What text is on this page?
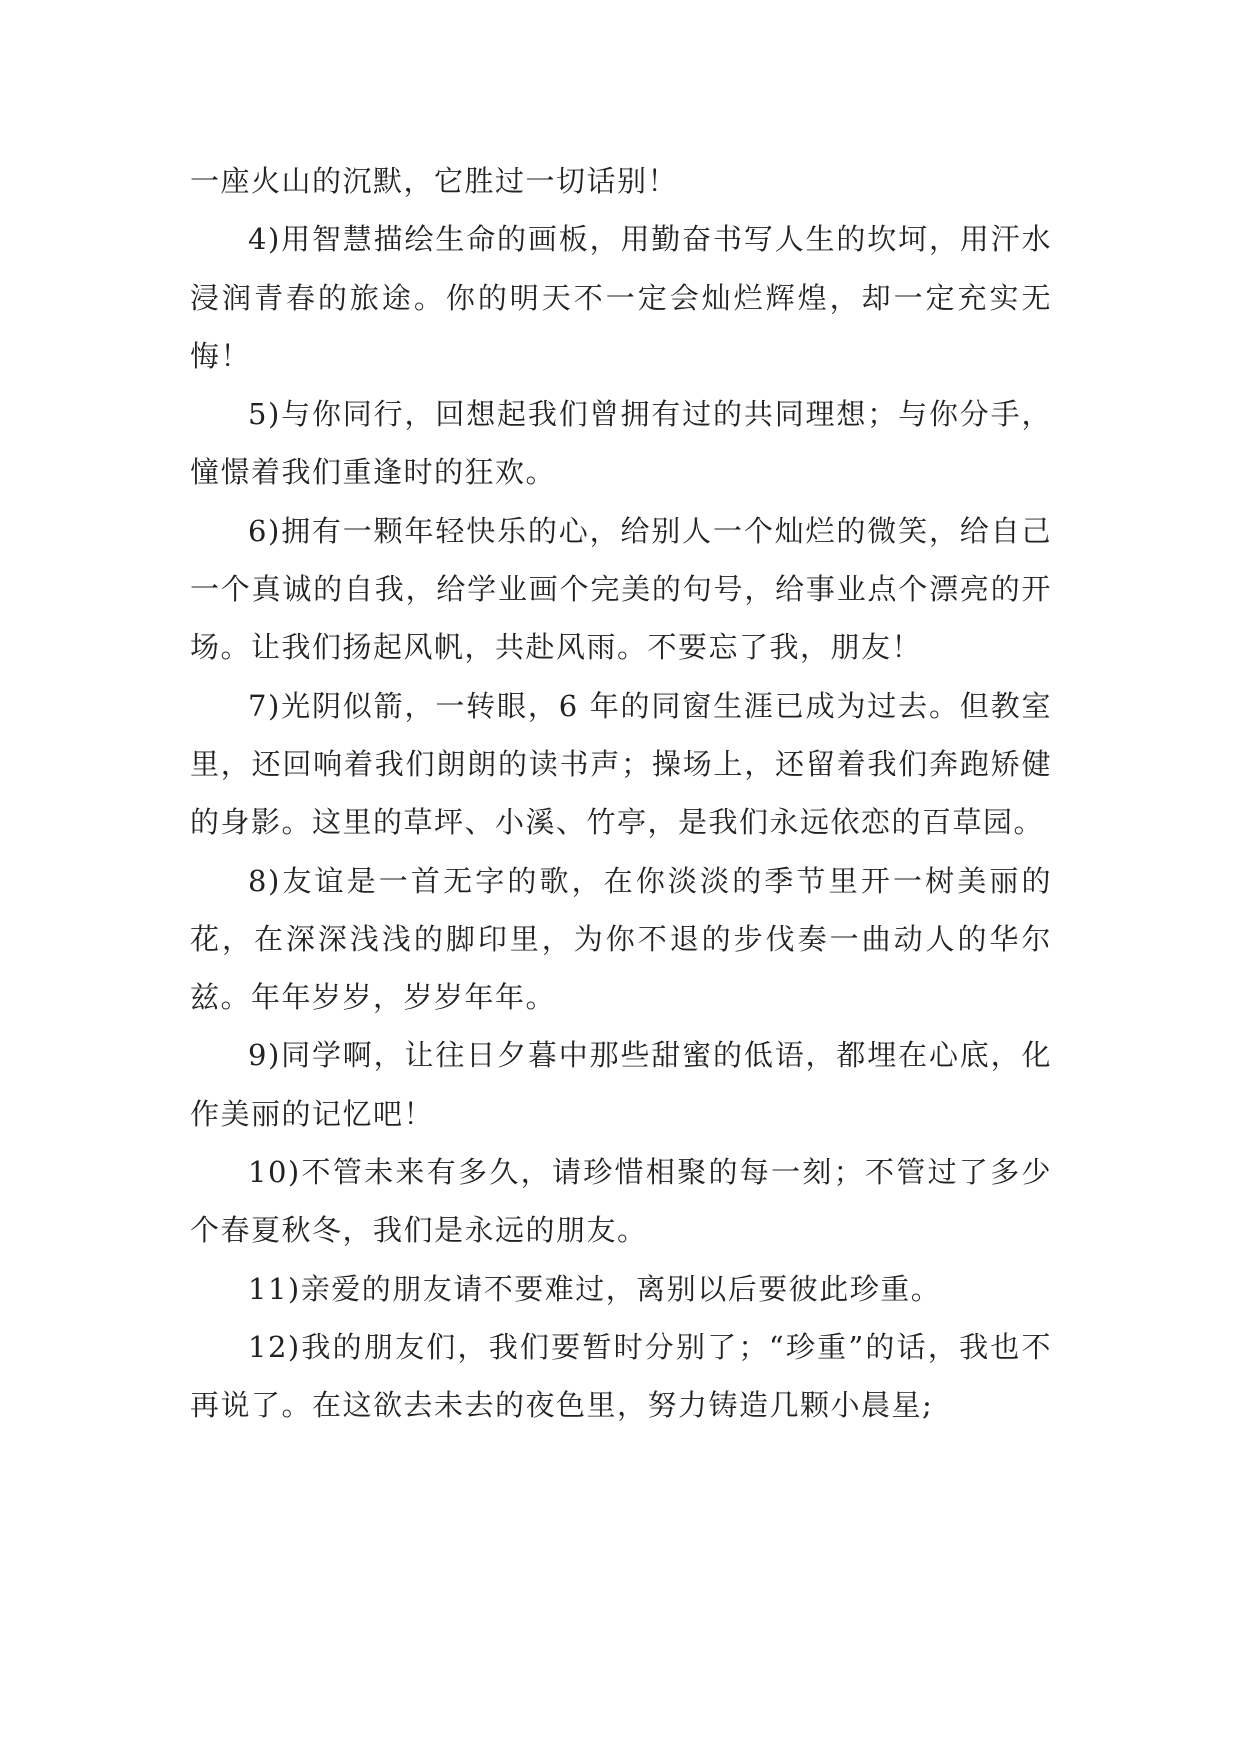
一座火山的沉默，它胜过一切话别！

4)用智慧描绘生命的画板，用勤奋书写人生的坎坷，用汗水浸润青春的旅途。你的明天不一定会灿烂辉煌，却一定充实无悔！

5)与你同行，回想起我们曾拥有过的共同理想；与你分手，憧憬着我们重逢时的狂欢。

6)拥有一颗年轻快乐的心，给别人一个灿烂的微笑，给自己一个真诚的自我，给学业画个完美的句号，给事业点个漂亮的开场。让我们扬起风帆，共赴风雨。不要忘了我，朋友！

7)光阴似箭，一转眼，6 年的同窗生涯已成为过去。但教室里，还回响着我们朗朗的读书声；操场上，还留着我们奔跑矫健的身影。这里的草坪、小溪、竹亭，是我们永远依恋的百草园。

8)友谊是一首无字的歌，在你淡淡的季节里开一树美丽的花，在深深浅浅的脚印里，为你不退的步伐奏一曲动人的华尔兹。年年岁岁，岁岁年年。

9)同学啊，让往日夕暮中那些甜蜜的低语，都埋在心底，化作美丽的记忆吧！

10)不管未来有多久，请珍惜相聚的每一刻；不管过了多少个春夏秋冬，我们是永远的朋友。

11)亲爱的朋友请不要难过，离别以后要彼此珍重。

12)我的朋友们，我们要暂时分别了；“珍重”的话，我也不再说了。在这欲去未去的夜色里，努力铸造几颗小晨星;
